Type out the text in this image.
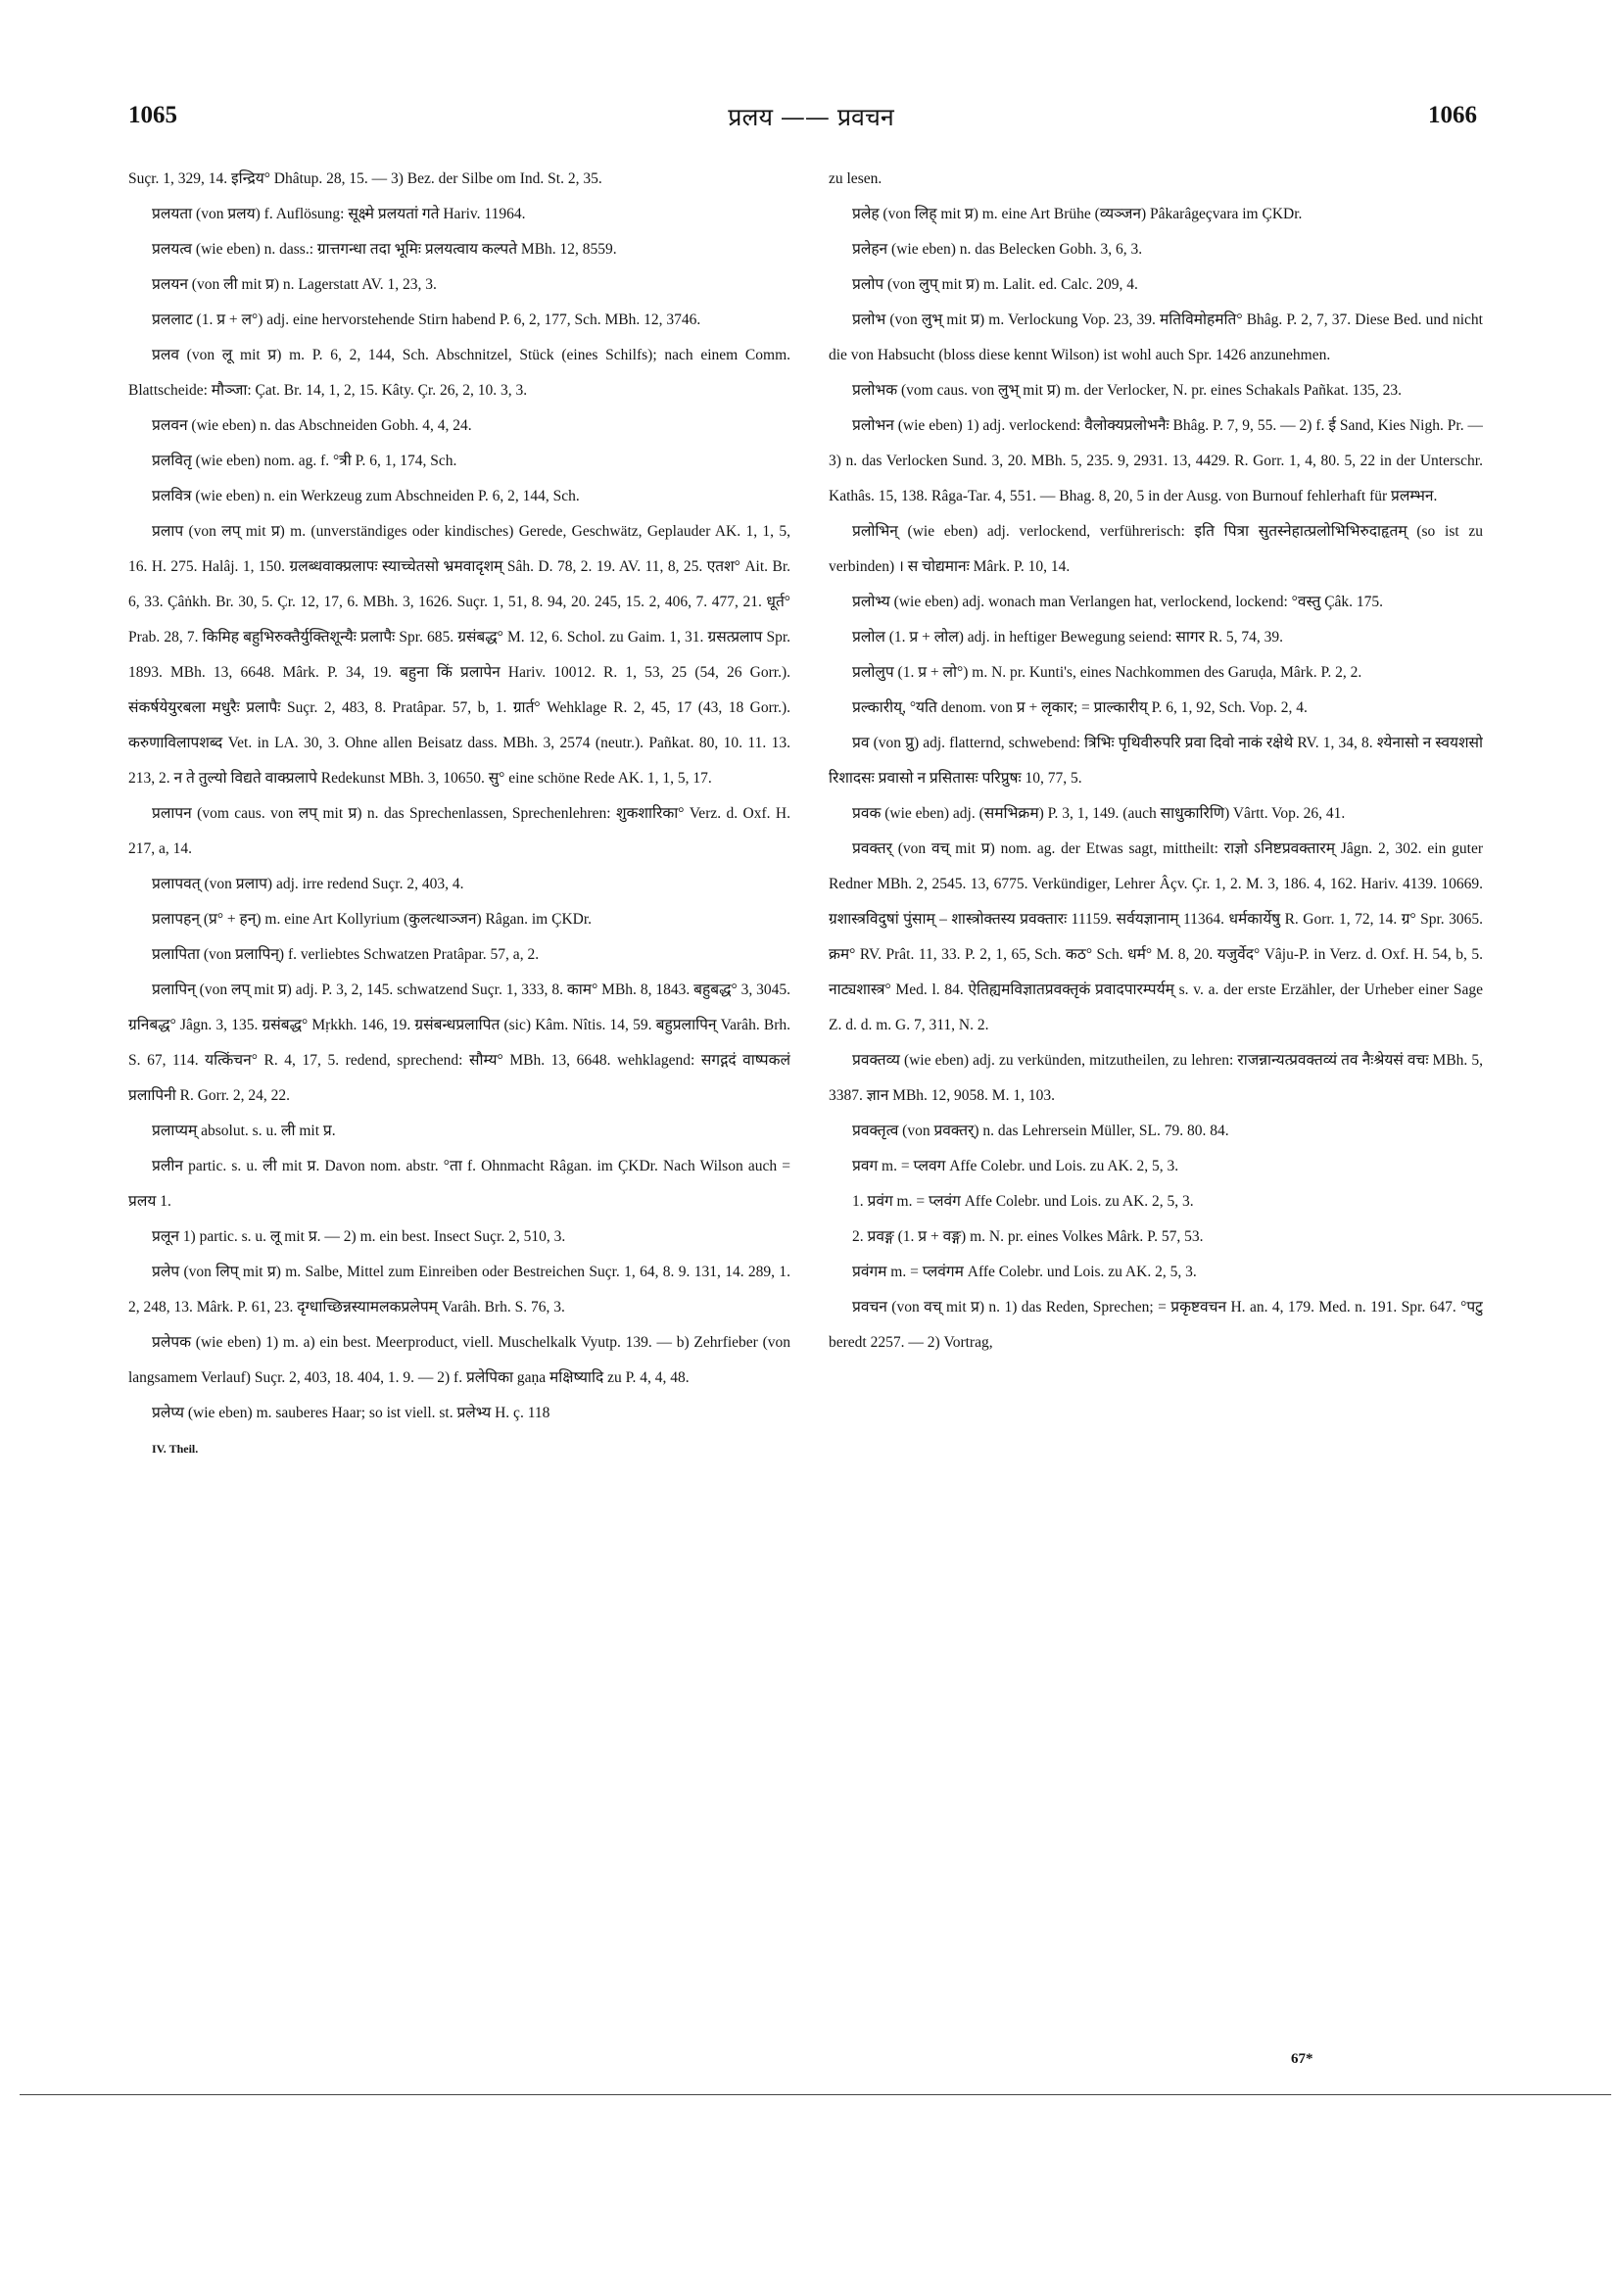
1065	प्रलय —— प्रवचन	1066

Suçr. 1, 329, 14. इन्द्रिय° Dhâtup. 28, 15. — 3) Bez. der Silbe om Ind. St. 2, 35.

प्रलयता (von प्रलय) f. Auflösung: सूक्ष्मे प्रलयतां गते Hariv. 11964.

प्रलयत्व (wie eben) n. dass.: ग्रात्तगन्धा तदा भूमिः प्रलयत्वाय कल्पते MBh. 12, 8559.

प्रलयन (von ली mit प्र) n. Lagerstatt AV. 1, 23, 3.

प्रललाट (1. प्र + ल°) adj. eine hervorstehende Stirn habend P. 6, 2, 177, Sch. MBh. 12, 3746.

प्रलव (von लू mit प्र) m. P. 6, 2, 144, Sch. Abschnitzel, Stück (eines Schilfs); nach einem Comm. Blattscheide: मौञ्जा: Çat. Br. 14, 1, 2, 15. Kâty. Çr. 26, 2, 10. 3, 3.

प्रलवन (wie eben) n. das Abschneiden Gobh. 4, 4, 24.

प्रलवितृ (wie eben) nom. ag. f. °त्री P. 6, 1, 174, Sch.

प्रलवित्र (wie eben) n. ein Werkzeug zum Abschneiden P. 6, 2, 144, Sch.

प्रलाप (von लप् mit प्र) m. (unverständiges oder kindisches) Gerede, Geschwätz, Geplauder AK. 1, 1, 5, 16. H. 275. Halâj. 1, 150. ग्रलब्धवाक्प्रलापः स्याच्चेतसो भ्रमवादृशम् Sâh. D. 78, 2. 19. AV. 11, 8, 25. एतश° Ait. Br. 6, 33. Çâṅkh. Br. 30, 5. Çr. 12, 17, 6. MBh. 3, 1626. Suçr. 1, 51, 8. 94, 20. 245, 15. 2, 406, 7. 477, 21. धूर्त° Prab. 28, 7. किमिह बहुभिरुक्तैर्युक्तिशून्यैः प्रलापैः Spr. 685. ग्रसंबद्ध° M. 12, 6. Schol. zu Gaim. 1, 31. ग्रसत्प्रलाप Spr. 1893. MBh. 13, 6648. Mârk. P. 34, 19. बहुना किं प्रलापेन Hariv. 10012. R. 1, 53, 25 (54, 26 Gorr.). संकर्षयेयुरबला मधुरैः प्रलापैः Suçr. 2, 483, 8. Pratâpar. 57, b, 1. ग्रार्त° Wehklage R. 2, 45, 17 (43, 18 Gorr.). करुणाविलापशब्द Vet. in LA. 30, 3. Ohne allen Beisatz dass. MBh. 3, 2574 (neutr.). Pañkat. 80, 10. 11. 13. 213, 2. न ते तुल्यो विद्यते वाक्प्रलापे Redekunst MBh. 3, 10650. सु° eine schöne Rede AK. 1, 1, 5, 17.

प्रलापन (vom caus. von लप् mit प्र) n. das Sprechenlassen, Sprechenlehren: शुकशारिका° Verz. d. Oxf. H. 217, a, 14.

प्रलापवत् (von प्रलाप) adj. irre redend Suçr. 2, 403, 4.

प्रलापहन् (प्र° + हन्) m. eine Art Kollyrium (कुलत्थाञ्जन) Râgan. im ÇKDr.

प्रलापिता (von प्रलापिन्) f. verliebtes Schwatzen Pratâpar. 57, a, 2.

प्रलापिन् (von लप् mit प्र) adj. P. 3, 2, 145. schwatzend Suçr. 1, 333, 8. काम° MBh. 8, 1843. बहुबद्ध° 3, 3045. ग्रनिबद्ध° Jâgn. 3, 135. ग्रसंबद्ध° Mṛkkh. 146, 19. ग्रसंबन्धप्रलापित (sic) Kâm. Nîtis. 14, 59. बहुप्रलापिन् Varâh. Brh. S. 67, 114. यत्किंचन° R. 4, 17, 5. redend, sprechend: सौम्य° MBh. 13, 6648. wehklagend: सगद्गदं वाष्पकलं प्रलापिनी R. Gorr. 2, 24, 22.

प्रलाप्यम् absolut. s. u. ली mit प्र.

प्रलीन partic. s. u. ली mit प्र. Davon nom. abstr. °ता f. Ohnmacht Râgan. im ÇKDr. Nach Wilson auch = प्रलय 1.

प्रलून 1) partic. s. u. लू mit प्र. — 2) m. ein best. Insect Suçr. 2, 510, 3.

प्रलेप (von लिप् mit प्र) m. Salbe, Mittel zum Einreiben oder Bestreichen Suçr. 1, 64, 8. 9. 131, 14. 289, 1. 2, 248, 13. Mârk. P. 61, 23. दृग्धाच्छिन्नस्यामलकप्रलेपम् Varâh. Brh. S. 76, 3.

प्रलेपक (wie eben) 1) m. a) ein best. Meerproduct, viell. Muschelkalk Vyutp. 139. — b) Zehrfieber (von langsamem Verlauf) Suçr. 2, 403, 18. 404, 1. 9. — 2) f. प्रलेपिका gaṇa मक्षिष्यादि zu P. 4, 4, 48.

प्रलेप्य (wie eben) m. sauberes Haar; so ist viell. st. प्रलेभ्य H. ç. 118

IV. Theil.

zu lesen.

प्रलेह (von लिह् mit प्र) m. eine Art Brühe (व्यञ्जन) Pâkarâgeçvara im ÇKDr.

प्रलेहन (wie eben) n. das Belecken Gobh. 3, 6, 3.

प्रलोप (von लुप् mit प्र) m. Lalit. ed. Calc. 209, 4.

प्रलोभ (von लुभ् mit प्र) m. Verlockung Vop. 23, 39. मतिविमोहमति° Bhâg. P. 2, 7, 37. Diese Bed. und nicht die von Habsucht (bloss diese kennt Wilson) ist wohl auch Spr. 1426 anzunehmen.

प्रलोभक (vom caus. von लुभ् mit प्र) m. der Verlocker, N. pr. eines Schakals Pañkat. 135, 23.

प्रलोभन (wie eben) 1) adj. verlockend: वैलोक्यप्रलोभनैः Bhâg. P. 7, 9, 55. — 2) f. ई Sand, Kies Nigh. Pr. — 3) n. das Verlocken Sund. 3, 20. MBh. 5, 235. 9, 2931. 13, 4429. R. Gorr. 1, 4, 80. 5, 22 in der Unterschr. Kathâs. 15, 138. Râga-Tar. 4, 551. — Bhag. 8, 20, 5 in der Ausg. von Burnouf fehlerhaft für प्रलम्भन.

प्रलोभिन् (wie eben) adj. verlockend, verführerisch: इति पित्रा सुतस्नेहात्प्रलोभिभिरुदाहृतम् (so ist zu verbinden) । स चोद्यमानः Mârk. P. 10, 14.

प्रलोभ्य (wie eben) adj. wonach man Verlangen hat, verlockend, lockend: °वस्तु Çâk. 175.

प्रलोल (1. प्र + लोल) adj. in heftiger Bewegung seiend: सागर R. 5, 74, 39.

प्रलोलुप (1. प्र + लो°) m. N. pr. Kunti's, eines Nachkommen des Garuḍa, Mârk. P. 2, 2.

प्रल्कारीय्, °यति denom. von प्र + लृकार; = प्राल्कारीय् P. 6, 1, 92, Sch. Vop. 2, 4.

प्रव (von प्रु) adj. flatternd, schwebend: त्रिभिः पृथिवीरुपरि प्रवा दिवो नाकं रक्षेथे RV. 1, 34, 8. श्येनासो न स्वयशसो रिशादसः प्रवासो न प्रसितासः परिप्रुषः 10, 77, 5.

प्रवक (wie eben) adj. (समभिक्रम) P. 3, 1, 149. (auch साधुकारिणि) Vârtt. Vop. 26, 41.

प्रवक्तर् (von वच् mit प्र) nom. ag. der Etwas sagt, mittheilt: राज्ञो ऽनिष्टप्रवक्तारम् Jâgn. 2, 302. ein guter Redner MBh. 2, 2545. 13, 6775. Verkündiger, Lehrer Âçv. Çr. 1, 2. M. 3, 186. 4, 162. Hariv. 4139. 10669. ग्रशास्त्रविदुषां पुंसाम् – शास्त्रोक्तस्य प्रवक्तारः 11159. सर्वयज्ञानाम् 11364. धर्मकार्येषु R. Gorr. 1, 72, 14. ग्र° Spr. 3065. क्रम° RV. Prât. 11, 33. P. 2, 1, 65, Sch. कठ° Sch. धर्म° M. 8, 20. यजुर्वेद° Vâju-P. in Verz. d. Oxf. H. 54, b, 5. नाट्यशास्त्र° Med. l. 84. ऐतिह्यमविज्ञातप्रवक्तृकं प्रवादपारम्पर्यम् s. v. a. der erste Erzähler, der Urheber einer Sage Z. d. d. m. G. 7, 311, N. 2.

प्रवक्तव्य (wie eben) adj. zu verkünden, mitzutheilen, zu lehren: राजन्नान्यत्प्रवक्तव्यं तव नैःश्रेयसं वचः MBh. 5, 3387. ज्ञान MBh. 12, 9058. M. 1, 103.

प्रवक्तृत्व (von प्रवक्तर्) n. das Lehrersein Müller, SL. 79. 80. 84.

प्रवग m. = प्लवग Affe Colebr. und Lois. zu AK. 2, 5, 3.

1. प्रवंग m. = प्लवंग Affe Colebr. und Lois. zu AK. 2, 5, 3.

2. प्रवङ्ग (1. प्र + वङ्ग) m. N. pr. eines Volkes Mârk. P. 57, 53.

प्रवंगम m. = प्लवंगम Affe Colebr. und Lois. zu AK. 2, 5, 3.

प्रवचन (von वच् mit प्र) n. 1) das Reden, Sprechen; = प्रकृष्टवचन H. an. 4, 179. Med. n. 191. Spr. 647. °पटु beredt 2257. — 2) Vortrag,

67*
